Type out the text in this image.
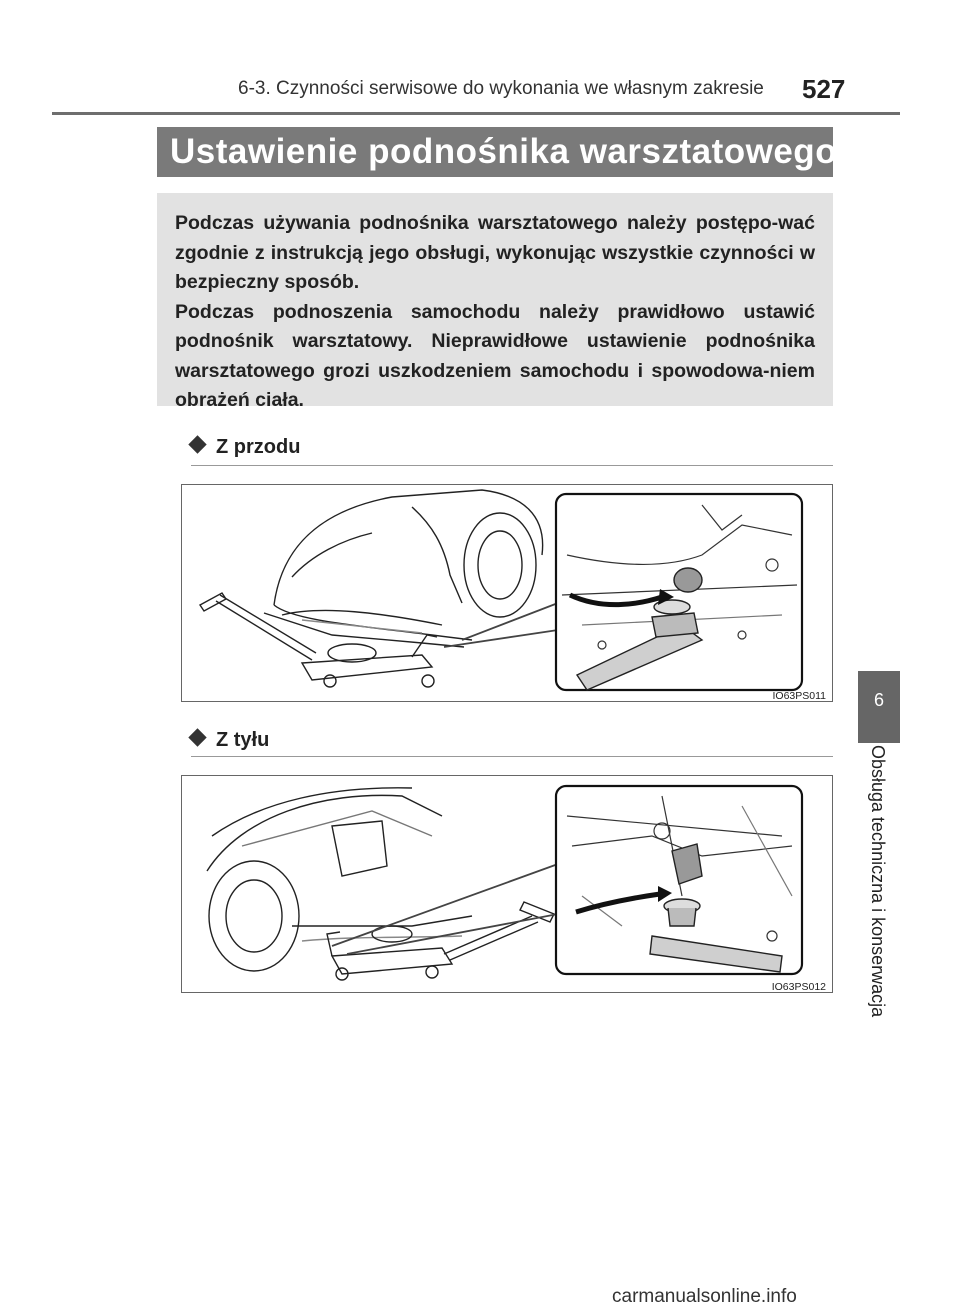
6-3. Czynności serwisowe do wykonania we własnym zakresie 527
Ustawienie podnośnika warsztatowego

Podczas używania podnośnika warsztatowego należy postępo-wać zgodnie z instrukcją jego obsługi, wykonując wszystkie czynności w bezpieczny sposób.

Podczas podnoszenia samochodu należy prawidłowo ustawić podnośnik warsztatowy. Nieprawidłowe ustawienie podnośnika warsztatowego grozi uszkodzeniem samochodu i spowodowa-niem obrażeń ciała.

Z przodu
IO63PS011
Z tyłu
IO63PS012
6
Obsługa techniczna i konserwacja
carmanualsonline.info
